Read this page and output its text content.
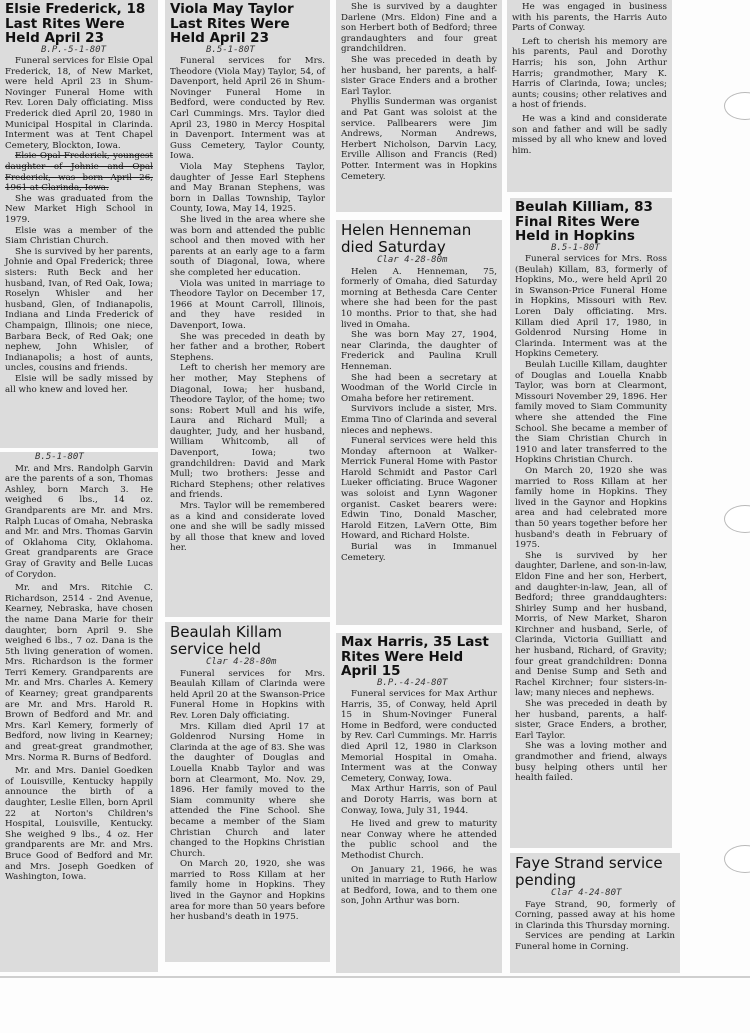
Elsie Frederick, 18 Last Rites Were Held April 23
B.P.-5-1-80T

Funeral services for Elsie Opal Frederick, 18, of New Market, were held April 23 in Shum-Novinger Funeral Home with Rev. Loren Daly officiating. Miss Frederick died April 20, 1980 in Municipal Hospital in Clarinda. Interment was at Tent Chapel Cemetery, Blockton, Iowa.

Elsie Opal Frederick, youngest daughter of Johnie and Opal Frederick, was born April 26, 1961 at Clarinda, Iowa.

She was graduated from the New Market High School in 1979.

Elsie was a member of the Siam Christian Church.

She is survived by her parents, Johnie and Opal Frederick; three sisters: Ruth Beck and her husband, Ivan, of Red Oak, Iowa; Roselyn Whisler and her husband, Glen, of Indianapolis, Indiana and Linda Frederick of Champaign, Illinois; one niece, Barbara Beck, of Red Oak; one nephew, John Whisler, of Indianapolis; a host of aunts, uncles, cousins and friends.

Elsie will be sadly missed by all who knew and loved her.

B.5-1-80T

Mr. and Mrs. Randolph Garvin are the parents of a son, Thomas Ashley, born March 3. He weighed 6 lbs., 14 oz. Grandparents are Mr. and Mrs. Ralph Lucas of Omaha, Nebraska and Mr. and Mrs. Thomas Garvin of Oklahoma City, Oklahoma. Great grandparents are Grace Gray of Gravity and Belle Lucas of Corydon.

Mr. and Mrs. Ritchie C. Richardson, 2514 - 2nd Avenue, Kearney, Nebraska, have chosen the name Dana Marie for their daughter, born April 9. She weighed 6 lbs., 7 oz. Dana is the 5th living generation of women. Mrs. Richardson is the former Terri Kemery. Grandparents are Mr. and Mrs. Charles A. Kemery of Kearney; great grandparents are Mr. and Mrs. Harold R. Brown of Bedford and Mr. and Mrs. Karl Kemery, formerly of Bedford, now living in Kearney; and great-great grandmother, Mrs. Norma R. Burns of Bedford.

Mr. and Mrs. Daniel Goedken of Louisville, Kentucky happily announce the birth of a daughter, Leslie Ellen, born April 22 at Norton's Children's Hospital, Louisville, Kentucky. She weighed 9 lbs., 4 oz. Her grandparents are Mr. and Mrs. Bruce Good of Bedford and Mr. and Mrs. Joseph Goedken of Washington, Iowa.

Viola May Taylor Last Rites Were Held April 23
B.5-1-80T

Funeral services for Mrs. Theodore (Viola May) Taylor, 54, of Davenport, held April 26 in Shum-Novinger Funeral Home in Bedford, were conducted by Rev. Carl Cummings. Mrs. Taylor died April 23, 1980 in Mercy Hospital in Davenport. Interment was at Guss Cemetery, Taylor County, Iowa.

Viola May Stephens Taylor, daughter of Jesse Earl Stephens and May Branan Stephens, was born in Dallas Township, Taylor County, Iowa, May 14, 1925.

She lived in the area where she was born and attended the public school and then moved with her parents at an early age to a farm south of Diagonal, Iowa, where she completed her education.

Viola was united in marriage to Theodore Taylor on December 17, 1966 at Mount Carroll, Illinois, and they have resided in Davenport, Iowa.

She was preceded in death by her father and a brother, Robert Stephens.

Left to cherish her memory are her mother, May Stephens of Diagonal, Iowa; her husband, Theodore Taylor, of the home; two sons: Robert Mull and his wife, Laura and Richard Mull; a daughter, Judy, and her husband, William Whitcomb, all of Davenport, Iowa; two grandchildren: David and Mark Mull; two brothers: Jesse and Richard Stephens; other relatives and friends.

Mrs. Taylor will be remembered as a kind and considerate loved one and she will be sadly missed by all those that knew and loved her.

Beaulah Killam service held
Clar 4-28-80m

Funeral services for Mrs. Beaulah Killam of Clarinda were held April 20 at the Swanson-Price Funeral Home in Hopkins with Rev. Loren Daly officiating.

Mrs. Killam died April 17 at Goldenrod Nursing Home in Clarinda at the age of 83. She was the daughter of Douglas and Louella Knabb Taylor and was born at Clearmont, Mo. Nov. 29, 1896. Her family moved to the Siam community where she attended the Fine School. She became a member of the Siam Christian Church and later changed to the Hopkins Christian Church.

On March 20, 1920, she was married to Ross Killam at her family home in Hopkins. They lived in the Gaynor and Hopkins area for more than 50 years before her husband's death in 1975.

She is survived by a daughter Darlene (Mrs. Eldon) Fine and a son Herbert both of Bedford; three grandaughters and four great grandchildren.

She was preceded in death by her husband, her parents, a half-sister Grace Enders and a brother Earl Taylor.

Phyllis Sunderman was organist and Pat Gant was soloist at the service. Pallbearers were Jim Andrews, Norman Andrews, Herbert Nicholson, Darvin Lacy, Erville Allison and Francis (Red) Potter. Interment was in Hopkins Cemetery.

Helen Henneman died Saturday
Clar 4-28-80m

Helen A. Henneman, 75, formerly of Omaha, died Saturday morning at Bethesda Care Center where she had been for the past 10 months. Prior to that, she had lived in Omaha.

She was born May 27, 1904, near Clarinda, the daughter of Frederick and Paulina Krull Henneman.

She had been a secretary at Woodman of the World Circle in Omaha before her retirement.

Survivors include a sister, Mrs. Emma Tino of Clarinda and several nieces and nephews.

Funeral services were held this Monday afternoon at Walker-Merrick Funeral Home with Pastor Harold Schmidt and Pastor Carl Lueker officiating. Bruce Wagoner was soloist and Lynn Wagoner organist. Casket bearers were: Edwin Tino, Donald Mascher, Harold Eitzen, LaVern Otte, Bim Howard, and Richard Holste.

Burial was in Immanuel Cemetery.

Max Harris, 35 Last Rites Were Held April 15
B.P.-4-24-80T

Funeral services for Max Arthur Harris, 35, of Conway, held April 15 in Shum-Novinger Funeral Home in Bedford, were conducted by Rev. Carl Cummings. Mr. Harris died April 12, 1980 in Clarkson Memorial Hospital in Omaha. Interment was at the Conway Cemetery, Conway, Iowa.

Max Arthur Harris, son of Paul and Doroty Harris, was born at Conway, Iowa, July 31, 1944.

He lived and grew to maturity near Conway where he attended the public school and the Methodist Church.

On January 21, 1966, he was united in marriage to Ruth Harlow at Bedford, Iowa, and to them one son, John Arthur was born.

He was engaged in business with his parents, the Harris Auto Parts of Conway.

Left to cherish his memory are his parents, Paul and Dorothy Harris; his son, John Arthur Harris; grandmother, Mary K. Harris of Clarinda, Iowa; uncles; aunts; cousins; other relatives and a host of friends.

He was a kind and considerate son and father and will be sadly missed by all who knew and loved him.

Beulah Killiam, 83 Final Rites Were Held in Hopkins
B.5-1-80T

Funeral services for Mrs. Ross (Beulah) Killam, 83, formerly of Hopkins, Mo., were held April 20 in Swanson-Price Funeral Home in Hopkins, Missouri with Rev. Loren Daly officiating. Mrs. Killam died April 17, 1980, in Goldenrod Nursing Home in Clarinda. Interment was at the Hopkins Cemetery.

Beulah Lucille Killam, daughter of Douglas and Louella Knabb Taylor, was born at Clearmont, Missouri November 29, 1896. Her family moved to Siam Community where she attended the Fine School. She became a member of the Siam Christian Church in 1910 and later transferred to the Hopkins Christian Church.

On March 20, 1920 she was married to Ross Killam at her family home in Hopkins. They lived in the Gaynor and Hopkins area and had celebrated more than 50 years together before her husband's death in February of 1975.

She is survived by her daughter, Darlene, and son-in-law, Eldon Fine and her son, Herbert, and daughter-in-law, Jean, all of Bedford; three granddaughters: Shirley Sump and her husband, Morris, of New Market, Sharon Kirchner and husband, Serle, of Clarinda, Victoria Guilliatt and her husband, Richard, of Gravity; four great grandchildren: Donna and Denise Sump and Seth and Rachel Kirchner; four sisters-in-law; many nieces and nephews.

She was preceded in death by her husband, parents, a half-sister, Grace Enders, a brother, Earl Taylor.

She was a loving mother and grandmother and friend, always busy helping others until her health failed.

Faye Strand service pending
Clar 4-24-80T

Faye Strand, 90, formerly of Corning, passed away at his home in Clarinda this Thursday morning.

Services are pending at Larkin Funeral home in Corning.
